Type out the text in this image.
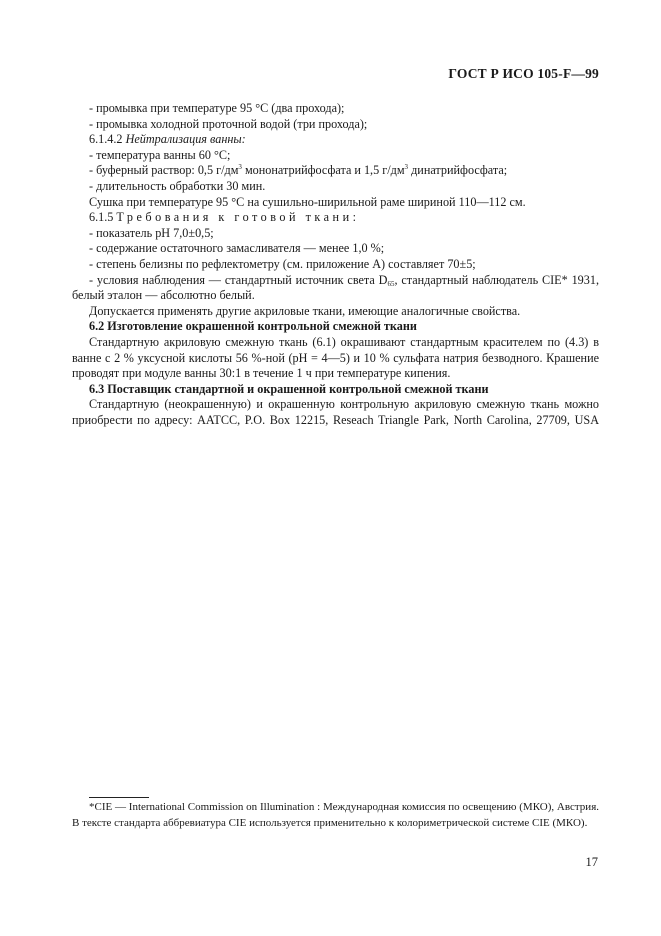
ГОСТ Р ИСО 105-F—99

- промывка при температуре 95 °С (два прохода);

- промывка холодной проточной водой (три прохода);

6.1.4.2 Нейтрализация ванны:

- температура ванны 60 °С;

- буферный раствор: 0,5 $г/дм^3$ мононатрийфосфата и 1,5 $г/дм^3$ динатрийфосфата;

- длительность обработки 30 мин.

Сушка при температуре 95 °С на сушильно-ширильной раме шириной 110—112 см.

6.1.5 Требования к готовой ткани:

- показатель рН 7,0±0,5;

- содержание остаточного замасливателя — менее 1,0 %;

- степень белизны по рефлектометру (см. приложение А) составляет 70±5;

- условия наблюдения — стандартный источник света $D_{65}$, стандартный наблюдатель CIE* 1931, белый эталон — абсолютно белый.

Допускается применять другие акриловые ткани, имеющие аналогичные свойства.

6.2 Изготовление окрашенной контрольной смежной ткани

Стандартную акриловую смежную ткань (6.1) окрашивают стандартным красителем по (4.3) в ванне с 2 % уксусной кислоты 56 %-ной (рН = 4—5) и 10 % сульфата натрия безводного. Крашение проводят при модуле ванны 30:1 в течение 1 ч при температуре кипения.

6.3 Поставщик стандартной и окрашенной контрольной смежной ткани

Стандартную (неокрашенную) и окрашенную контрольную акриловую смежную ткань можно приобрести по адресу: AATCC, P.O. Box 12215, Reseach Triangle Park, North Carolina, 27709, USA

*CIE — International Commission on Illumination : Международная комиссия по освещению (МКО), Австрия. В тексте стандарта аббревиатура CIE используется применительно к колориметрической системе CIE (МКО).

17
